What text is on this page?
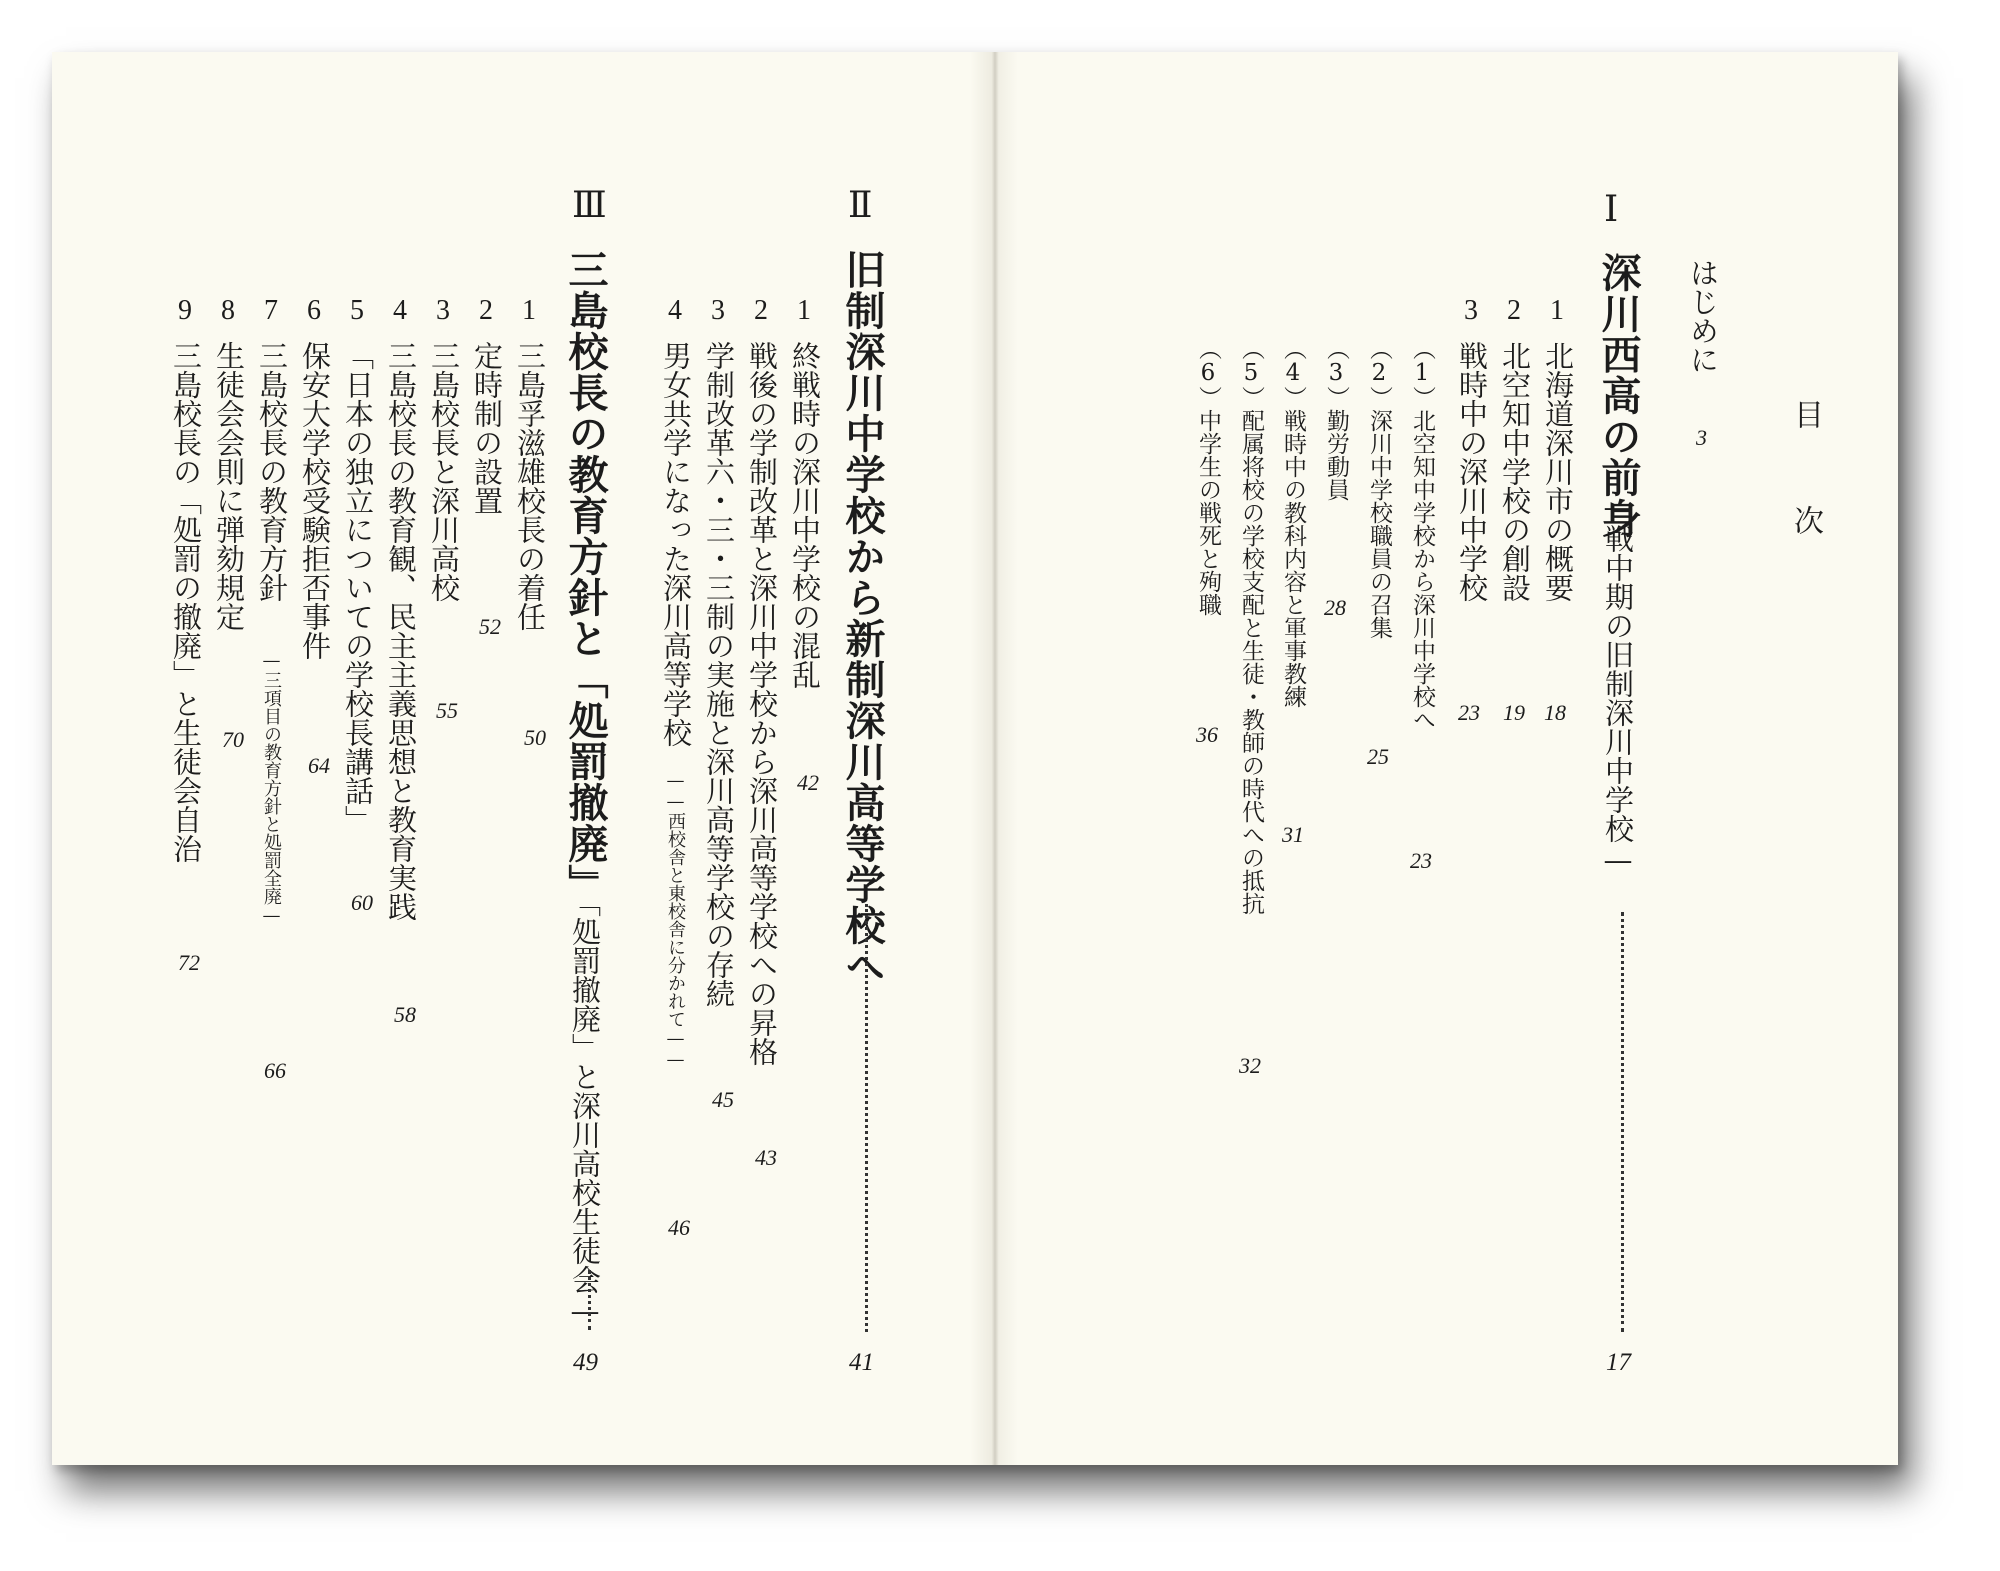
目
次
はじめに
3
Ⅰ
深川西高の前身
—戦中期の旧制深川中学校—
17
1
北海道深川市の概要
18
2
北空知中学校の創設
19
3
戦時中の深川中学校
23
（1）北空知中学校から深川中学校へ
23
（2）深川中学校職員の召集
25
（3）勤労動員
28
（4）戦時中の教科内容と軍事教練
31
（5）配属将校の学校支配と生徒・教師の時代への抵抗
32
（6）中学生の戦死と殉職
36
Ⅱ
旧制深川中学校から新制深川高等学校へ
41
1
終戦時の深川中学校の混乱
42
2
戦後の学制改革と深川中学校から深川高等学校への昇格
43
3
学制改革六・三・三制の実施と深川高等学校の存続
45
4
男女共学になった深川高等学校
——西校舎と東校舎に分かれて——
46
Ⅲ
三島校長の教育方針と「処罰撤廃」
—「処罰撤廃」と深川高校生徒会—
49
1
三島孚滋雄校長の着任
50
2
定時制の設置
52
3
三島校長と深川高校
55
4
三島校長の教育観、民主主義思想と教育実践
58
5
「日本の独立についての学校長講話」
60
6
保安大学校受験拒否事件
64
7
三島校長の教育方針
—三項目の教育方針と処罰全廃—
66
8
生徒会会則に弾劾規定
70
9
三島校長の「処罰の撤廃」と生徒会自治
72
